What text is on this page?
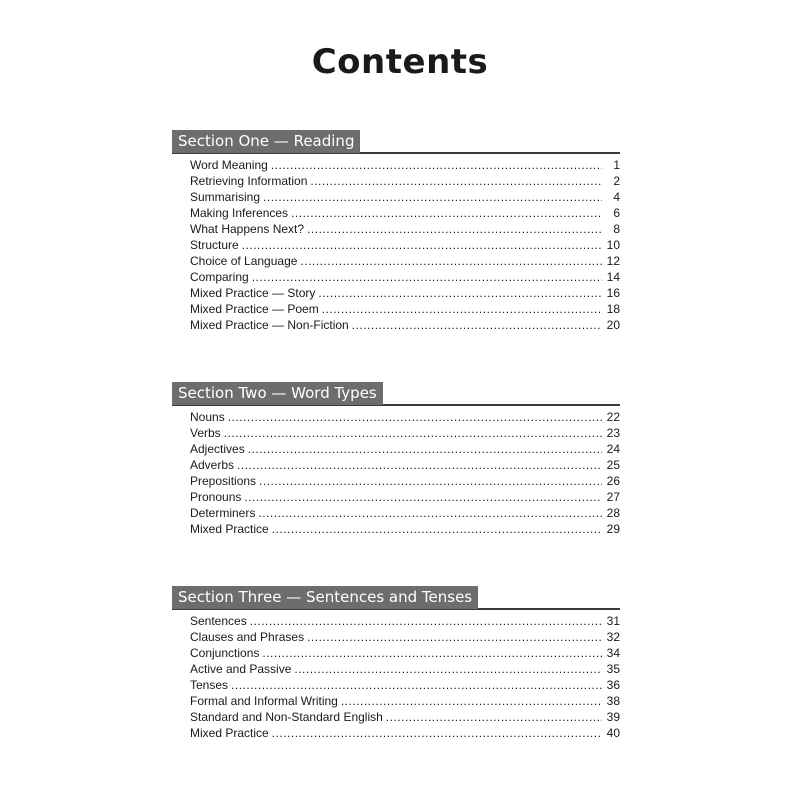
Contents
Section One — Reading
Word Meaning .....	1
Retrieving Information .....	2
Summarising .....	4
Making Inferences .....	6
What Happens Next? .....	8
Structure .....	10
Choice of Language .....	12
Comparing .....	14
Mixed Practice — Story .....	16
Mixed Practice — Poem .....	18
Mixed Practice — Non-Fiction .....	20
Section Two — Word Types
Nouns .....	22
Verbs .....	23
Adjectives .....	24
Adverbs .....	25
Prepositions .....	26
Pronouns .....	27
Determiners .....	28
Mixed Practice .....	29
Section Three — Sentences and Tenses
Sentences .....	31
Clauses and Phrases .....	32
Conjunctions .....	34
Active and Passive .....	35
Tenses .....	36
Formal and Informal Writing .....	38
Standard and Non-Standard English .....	39
Mixed Practice .....	40
